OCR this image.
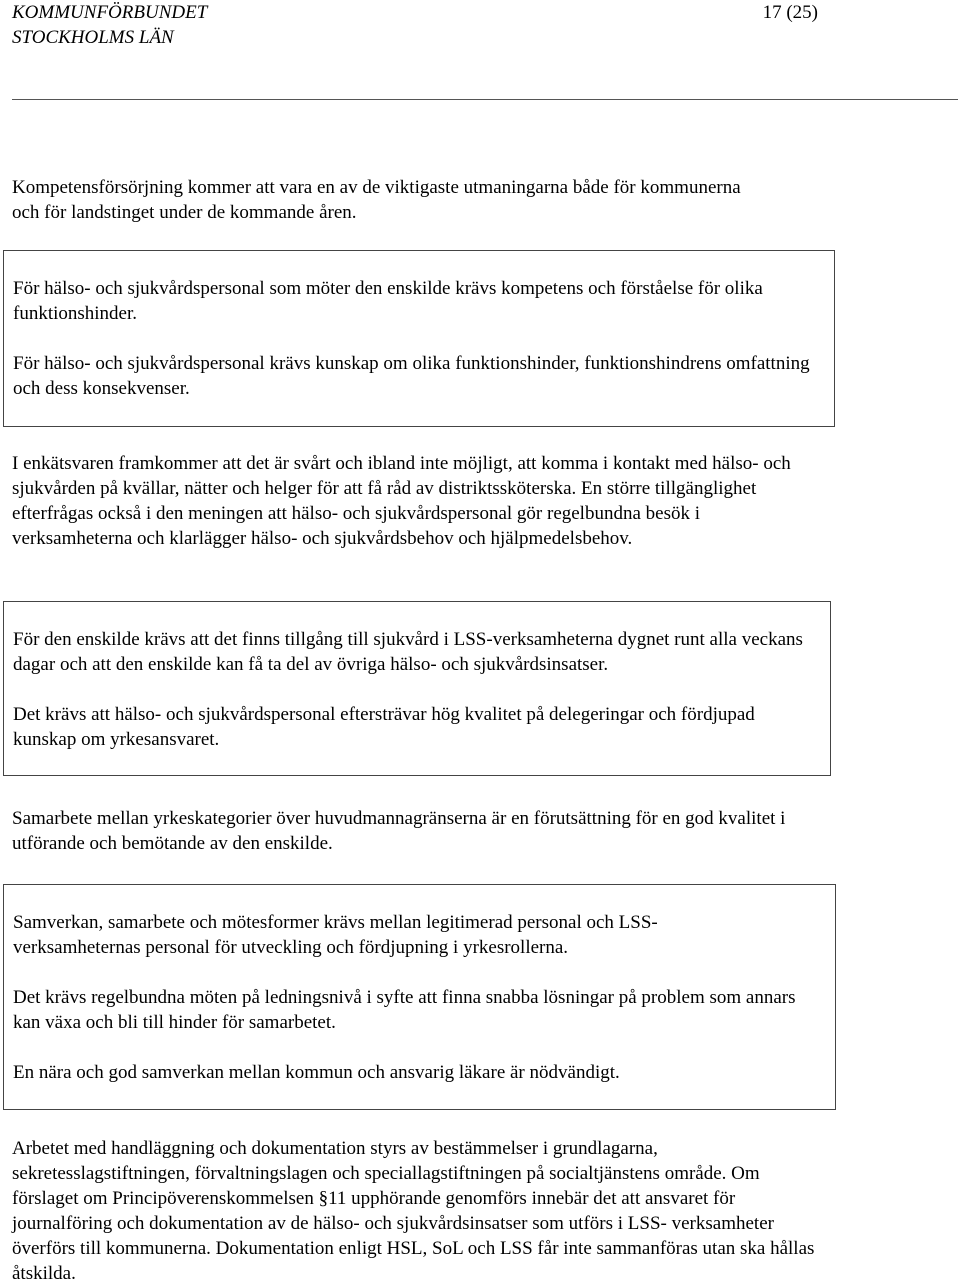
KOMMUNFÖRBUNDET
STOCKHOLMS LÄN
17 (25)

Kompetensförsörjning kommer att vara en av de viktigaste utmaningarna både för kommunerna och för landstinget under de kommande åren.

För hälso- och sjukvårdspersonal som möter den enskilde krävs kompetens och förståelse för olika funktionshinder.

För hälso- och sjukvårdspersonal krävs kunskap om olika funktionshinder, funktionshindrens omfattning och dess konsekvenser.

I enkätsvaren framkommer att det är svårt och ibland inte möjligt, att komma i kontakt med hälso- och sjukvården på kvällar, nätter och helger för att få råd av distriktssköterska. En större tillgänglighet efterfrågas också i den meningen att hälso- och sjukvårdspersonal gör regelbundna besök i verksamheterna och klarlägger hälso- och sjukvårdsbehov och hjälpmedelsbehov.

För den enskilde krävs att det finns tillgång till sjukvård i LSS-verksamheterna dygnet runt alla veckans dagar och att den enskilde kan få ta del av övriga hälso- och sjukvårdsinsatser.

Det krävs att hälso- och sjukvårdspersonal eftersträvar hög kvalitet på delegeringar och fördjupad kunskap om yrkesansvaret.

Samarbete mellan yrkeskategorier över huvudmannagränserna är en förutsättning för en god kvalitet i utförande och bemötande av den enskilde.

Samverkan, samarbete och mötesformer krävs mellan legitimerad personal och LSS-verksamheternas personal för utveckling och fördjupning i yrkesrollerna.

Det krävs regelbundna möten på ledningsnivå i syfte att finna snabba lösningar på problem som annars kan växa och bli till hinder för samarbetet.

En nära och god samverkan mellan kommun och ansvarig läkare är nödvändigt.

Arbetet med handläggning och dokumentation styrs av bestämmelser i grundlagarna, sekretesslagstiftningen, förvaltningslagen och speciallagstiftningen på socialtjänstens område. Om förslaget om Principöverenskommelsen §11 upphörande genomförs innebär det att ansvaret för journalföring och dokumentation av de hälso- och sjukvårdsinsatser som utförs i LSS- verksamheter överförs till kommunerna. Dokumentation enligt HSL, SoL och LSS får inte sammanföras utan ska hållas åtskilda.
